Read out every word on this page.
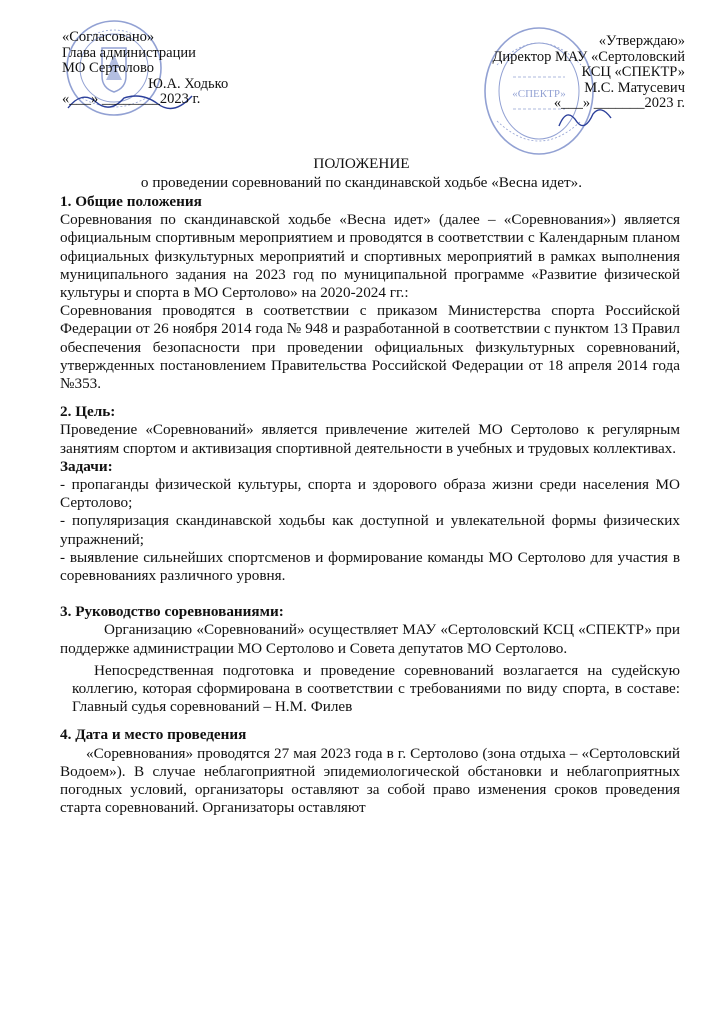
«СПЕКТР»
«Согласовано»
Глава администрации
МО Сертолово
Ю.А. Ходько
«___» ________2023 г.
«Утверждаю»
Директор МАУ «Сертоловский
КСЦ «СПЕКТР»
М.С. Матусевич
«___» _______2023 г.
ПОЛОЖЕНИЕ
о проведении соревнований по скандинавской ходьбе «Весна идет».

1. Общие положения

Соревнования по скандинавской ходьбе «Весна идет» (далее – «Соревнования») является официальным спортивным мероприятием и проводятся в соответствии с Календарным планом официальных физкультурных мероприятий и спортивных мероприятий в рамках выполнения муниципального задания на 2023 год по муниципальной программе «Развитие физической культуры и спорта в МО Сертолово» на 2020-2024 гг.:

Соревнования проводятся в соответствии с приказом Министерства спорта Российской Федерации от 26 ноября 2014 года № 948 и разработанной в соответствии с пунктом 13 Правил обеспечения безопасности при проведении официальных физкультурных соревнований, утвержденных постановлением Правительства Российской Федерации от 18 апреля 2014 года №353.

2. Цель:

Проведение «Соревнований» является привлечение жителей МО Сертолово к регулярным занятиям спортом и активизация спортивной деятельности в учебных и трудовых коллективах.

Задачи:

- пропаганды физической культуры, спорта и здорового образа жизни среди населения МО Сертолово;

- популяризация скандинавской ходьбы как доступной и увлекательной формы физических упражнений;

- выявление сильнейших спортсменов и формирование команды МО Сертолово для участия в соревнованиях различного уровня.

3. Руководство соревнованиями:

Организацию «Соревнований» осуществляет МАУ «Сертоловский КСЦ «СПЕКТР» при поддержке администрации МО Сертолово и Совета депутатов МО Сертолово.

Непосредственная подготовка и проведение соревнований возлагается на судейскую коллегию, которая сформирована в соответствии с требованиями по виду спорта, в составе: Главный судья соревнований – Н.М. Филев

4. Дата и место проведения

«Соревнования» проводятся 27 мая 2023 года в г. Сертолово (зона отдыха – «Сертоловский Водоем»). В случае неблагоприятной эпидемиологической обстановки и неблагоприятных погодных условий, организаторы оставляют за собой право изменения сроков проведения старта соревнований. Организаторы оставляют
